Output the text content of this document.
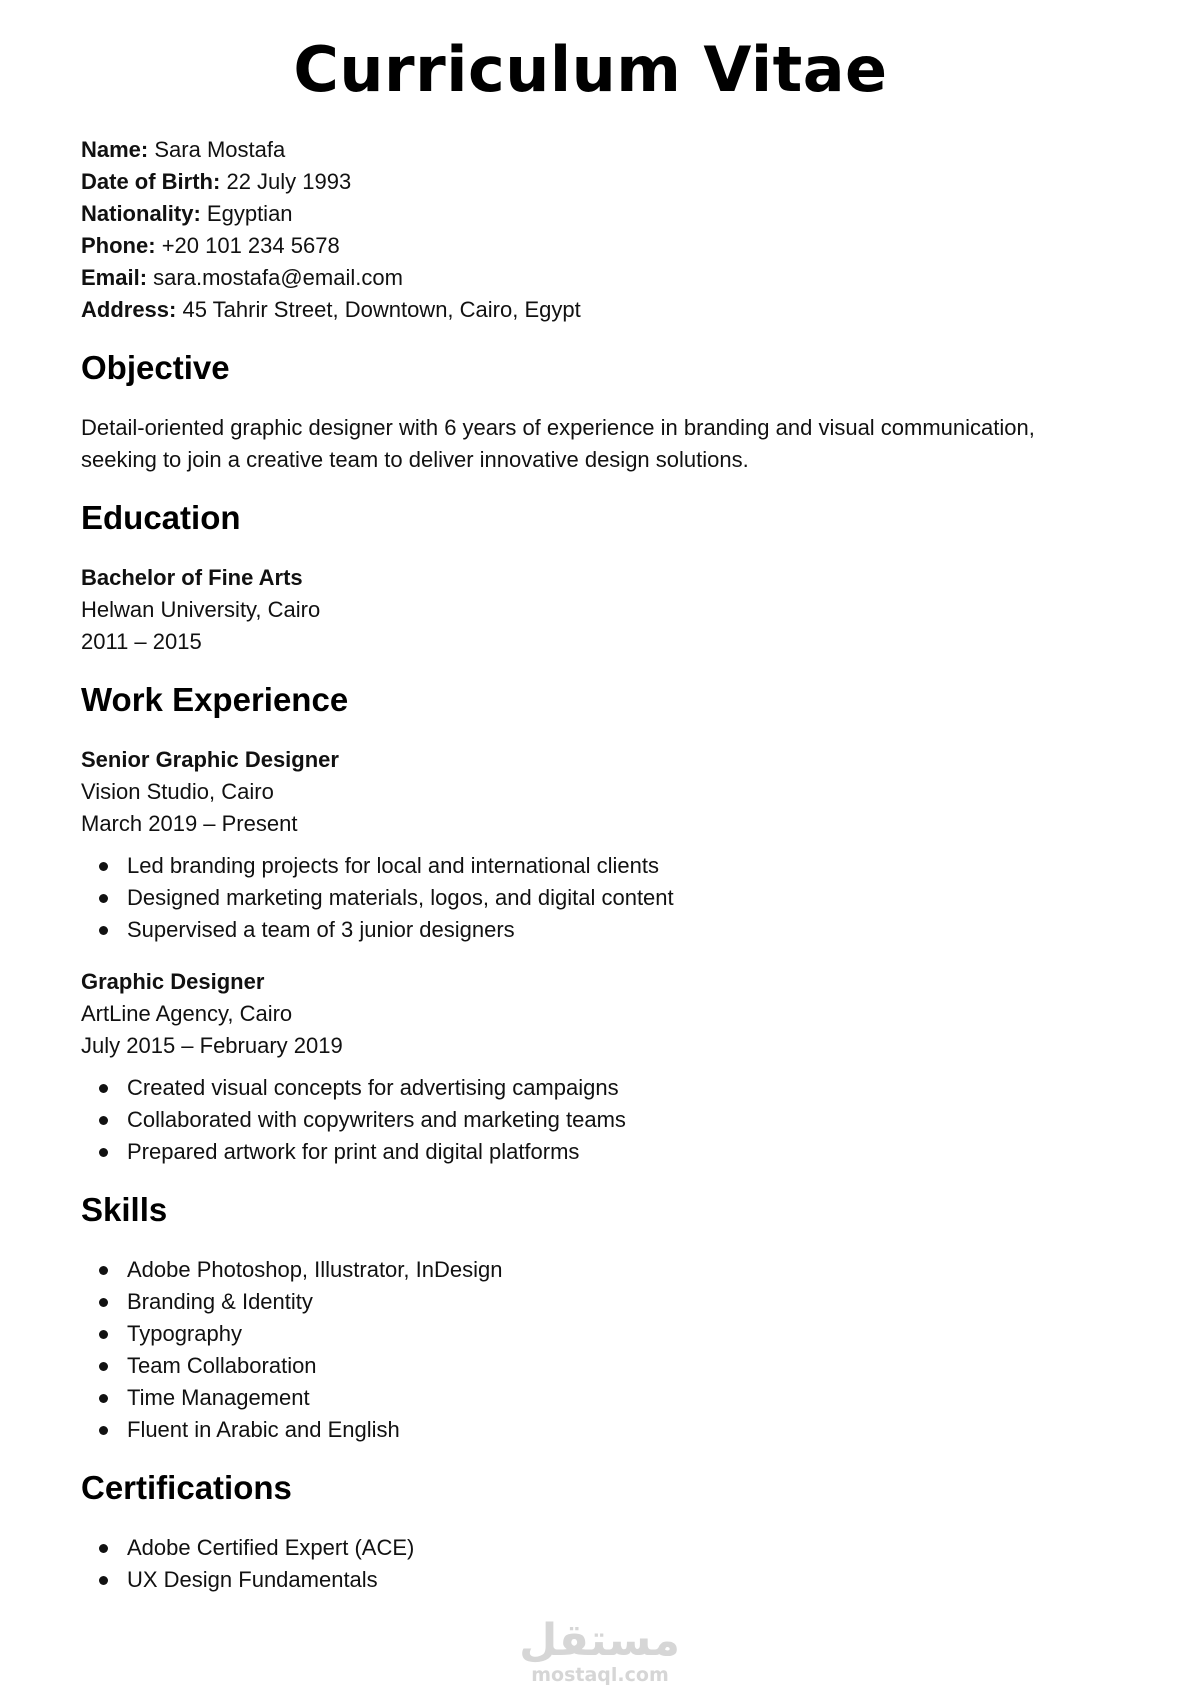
Curriculum Vitae

Name: Sara Mostafa

Date of Birth: 22 July 1993

Nationality: Egyptian

Phone: +20 101 234 5678

Email: sara.mostafa@email.com

Address: 45 Tahrir Street, Downtown, Cairo, Egypt

Objective

Detail-oriented graphic designer with 6 years of experience in branding and visual communication,

seeking to join a creative team to deliver innovative design solutions.

Education

Bachelor of Fine Arts

Helwan University, Cairo

2011 – 2015

Work Experience

Senior Graphic Designer

Vision Studio, Cairo

March 2019 – Present

Led branding projects for local and international clients
Designed marketing materials, logos, and digital content
Supervised a team of 3 junior designers

Graphic Designer

ArtLine Agency, Cairo

July 2015 – February 2019

Created visual concepts for advertising campaigns
Collaborated with copywriters and marketing teams
Prepared artwork for print and digital platforms
Skills
Adobe Photoshop, Illustrator, InDesign
Branding & Identity
Typography
Team Collaboration
Time Management
Fluent in Arabic and English
Certifications
Adobe Certified Expert (ACE)
UX Design Fundamentals
مستقل
mostaql.com
